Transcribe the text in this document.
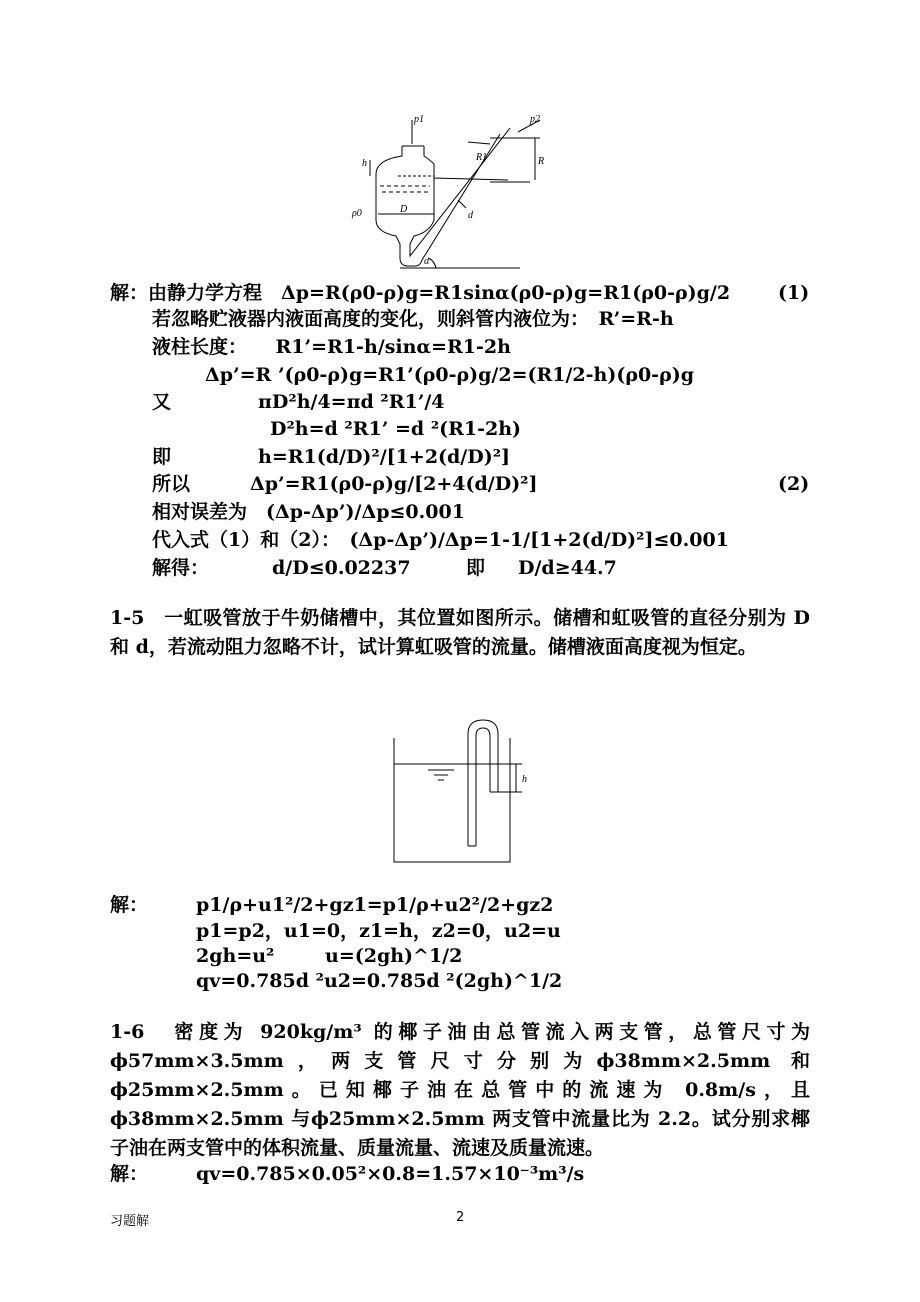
p1	p2
h
R1	R
ρ0	D
d
α
解：由静力学方程　Δp=R(ρ0-ρ)g=R1sinα(ρ0-ρ)g=R1(ρ0-ρ)g/2	(1)
若忽略贮液器内液面高度的变化，则斜管内液位为：　R’=R-h
液柱长度：　　R1’=R1-h/sinα=R1-2h
Δp’=R ’(ρ0-ρ)g=R1’(ρ0-ρ)g/2=(R1/2-h)(ρ0-ρ)g
又	πD²h/4=πd ²R1’/4
D²h=d ²R1’ =d ²(R1-2h)
即	h=R1(d/D)²/[1+2(d/D)²]
所以	Δp’=R1(ρ0-ρ)g/[2+4(d/D)²]	(2)
相对误差为　(Δp-Δp’)/Δp≤0.001
代入式（1）和（2）：　(Δp-Δp’)/Δp=1-1/[1+2(d/D)²]≤0.001
解得：	d/D≤0.02237	即 D/d≥44.7
1-5　一虹吸管放于牛奶储槽中，其位置如图所示。储槽和虹吸管的直径分别为 D 和 d，若流动阻力忽略不计，试计算虹吸管的流量。储槽液面高度视为恒定。
h
解：	p1/ρ+u1²/2+gz1=p1/ρ+u2²/2+gz2
p1=p2，u1=0，z1=h，z2=0，u2=u
2gh=u²	u=(2gh)^1/2
qv=0.785d ²u2=0.785d ²(2gh)^1/2
1-6　密度为 920kg/m³ 的椰子油由总管流入两支管，总管尺寸为 ϕ57mm×3.5mm，两支管尺寸分别为ϕ38mm×2.5mm 和ϕ25mm×2.5mm。已知椰子油在总管中的流速为 0.8m/s，且ϕ38mm×2.5mm 与ϕ25mm×2.5mm 两支管中流量比为 2.2。试分别求椰子油在两支管中的体积流量、质量流量、流速及质量流速。
解：	qv=0.785×0.05²×0.8=1.57×10⁻³m³/s
习题解	2
